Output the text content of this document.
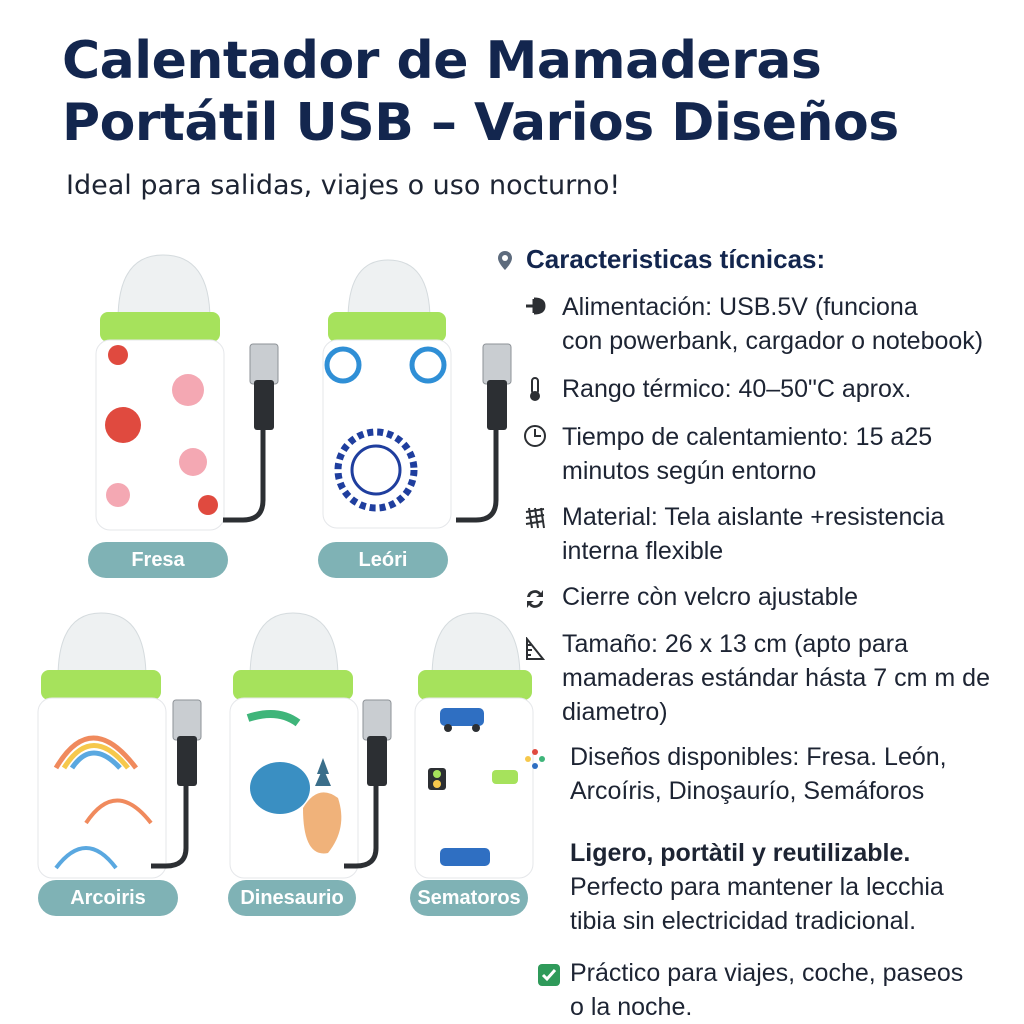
Calentador de Mamaderas Portátil USB – Varios Diseños

Ideal para salidas, viajes o uso nocturno!

Fresa	Leóri
Arcoiris	Dinesaurio	Sematoros
Caracteristicas tícnicas:
Alimentación: USB.5V (funciona
con powerbank, cargador o notebook)
Rango térmico: 40–50"C aprox.
Tiempo de calentamiento: 15 a25
minutos según entorno
Material: Tela aislante +resistencia
interna flexible
Cierre còn velcro ajustable
Tamaño: 26 x 13 cm (apto para
mamaderas estándar hásta 7 cm m de
diametro)
Diseños disponibles: Fresa. León,
Arcoíris, Dinoşaurío, Semáforos
Ligero, portàtil y reutilizable.
Perfecto para mantener la lecchia
tibia sin electricidad tradicional.
Práctico para viajes, coche, paseos
o la noche.
